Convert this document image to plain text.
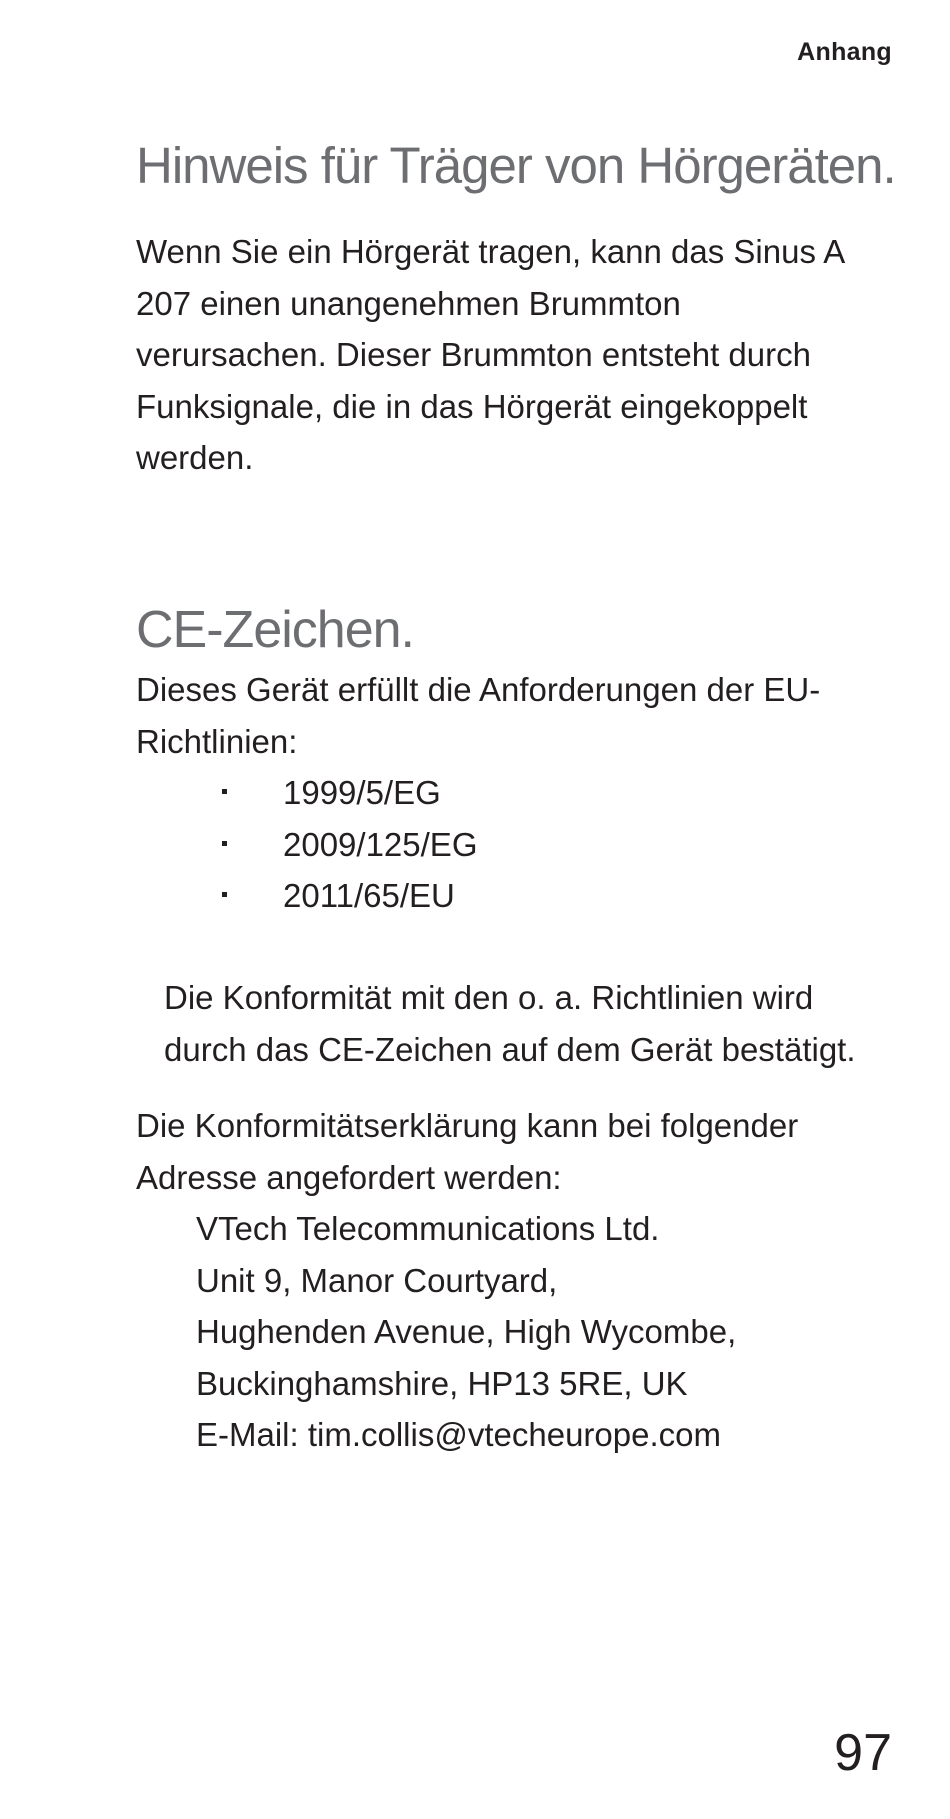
Anhang
Hinweis für Träger von Hörgeräten.

Wenn Sie ein Hörgerät tragen, kann das Sinus A
207 einen unangenehmen Brummton
verursachen. Dieser Brummton entsteht durch
Funksignale, die in das Hörgerät eingekoppelt
werden.

CE-Zeichen.

Dieses Gerät erfüllt die Anforderungen der EU-
Richtlinien:

1999/5/EG
2009/125/EG
2011/65/EU

Die Konformität mit den o. a. Richtlinien wird
durch das CE-Zeichen auf dem Gerät bestätigt.

Die Konformitätserklärung kann bei folgender
Adresse angefordert werden:

VTech Telecommunications Ltd.
Unit 9, Manor Courtyard,
Hughenden Avenue, High Wycombe,
Buckinghamshire, HP13 5RE, UK
E-Mail: tim.collis@vtecheurope.com
97
